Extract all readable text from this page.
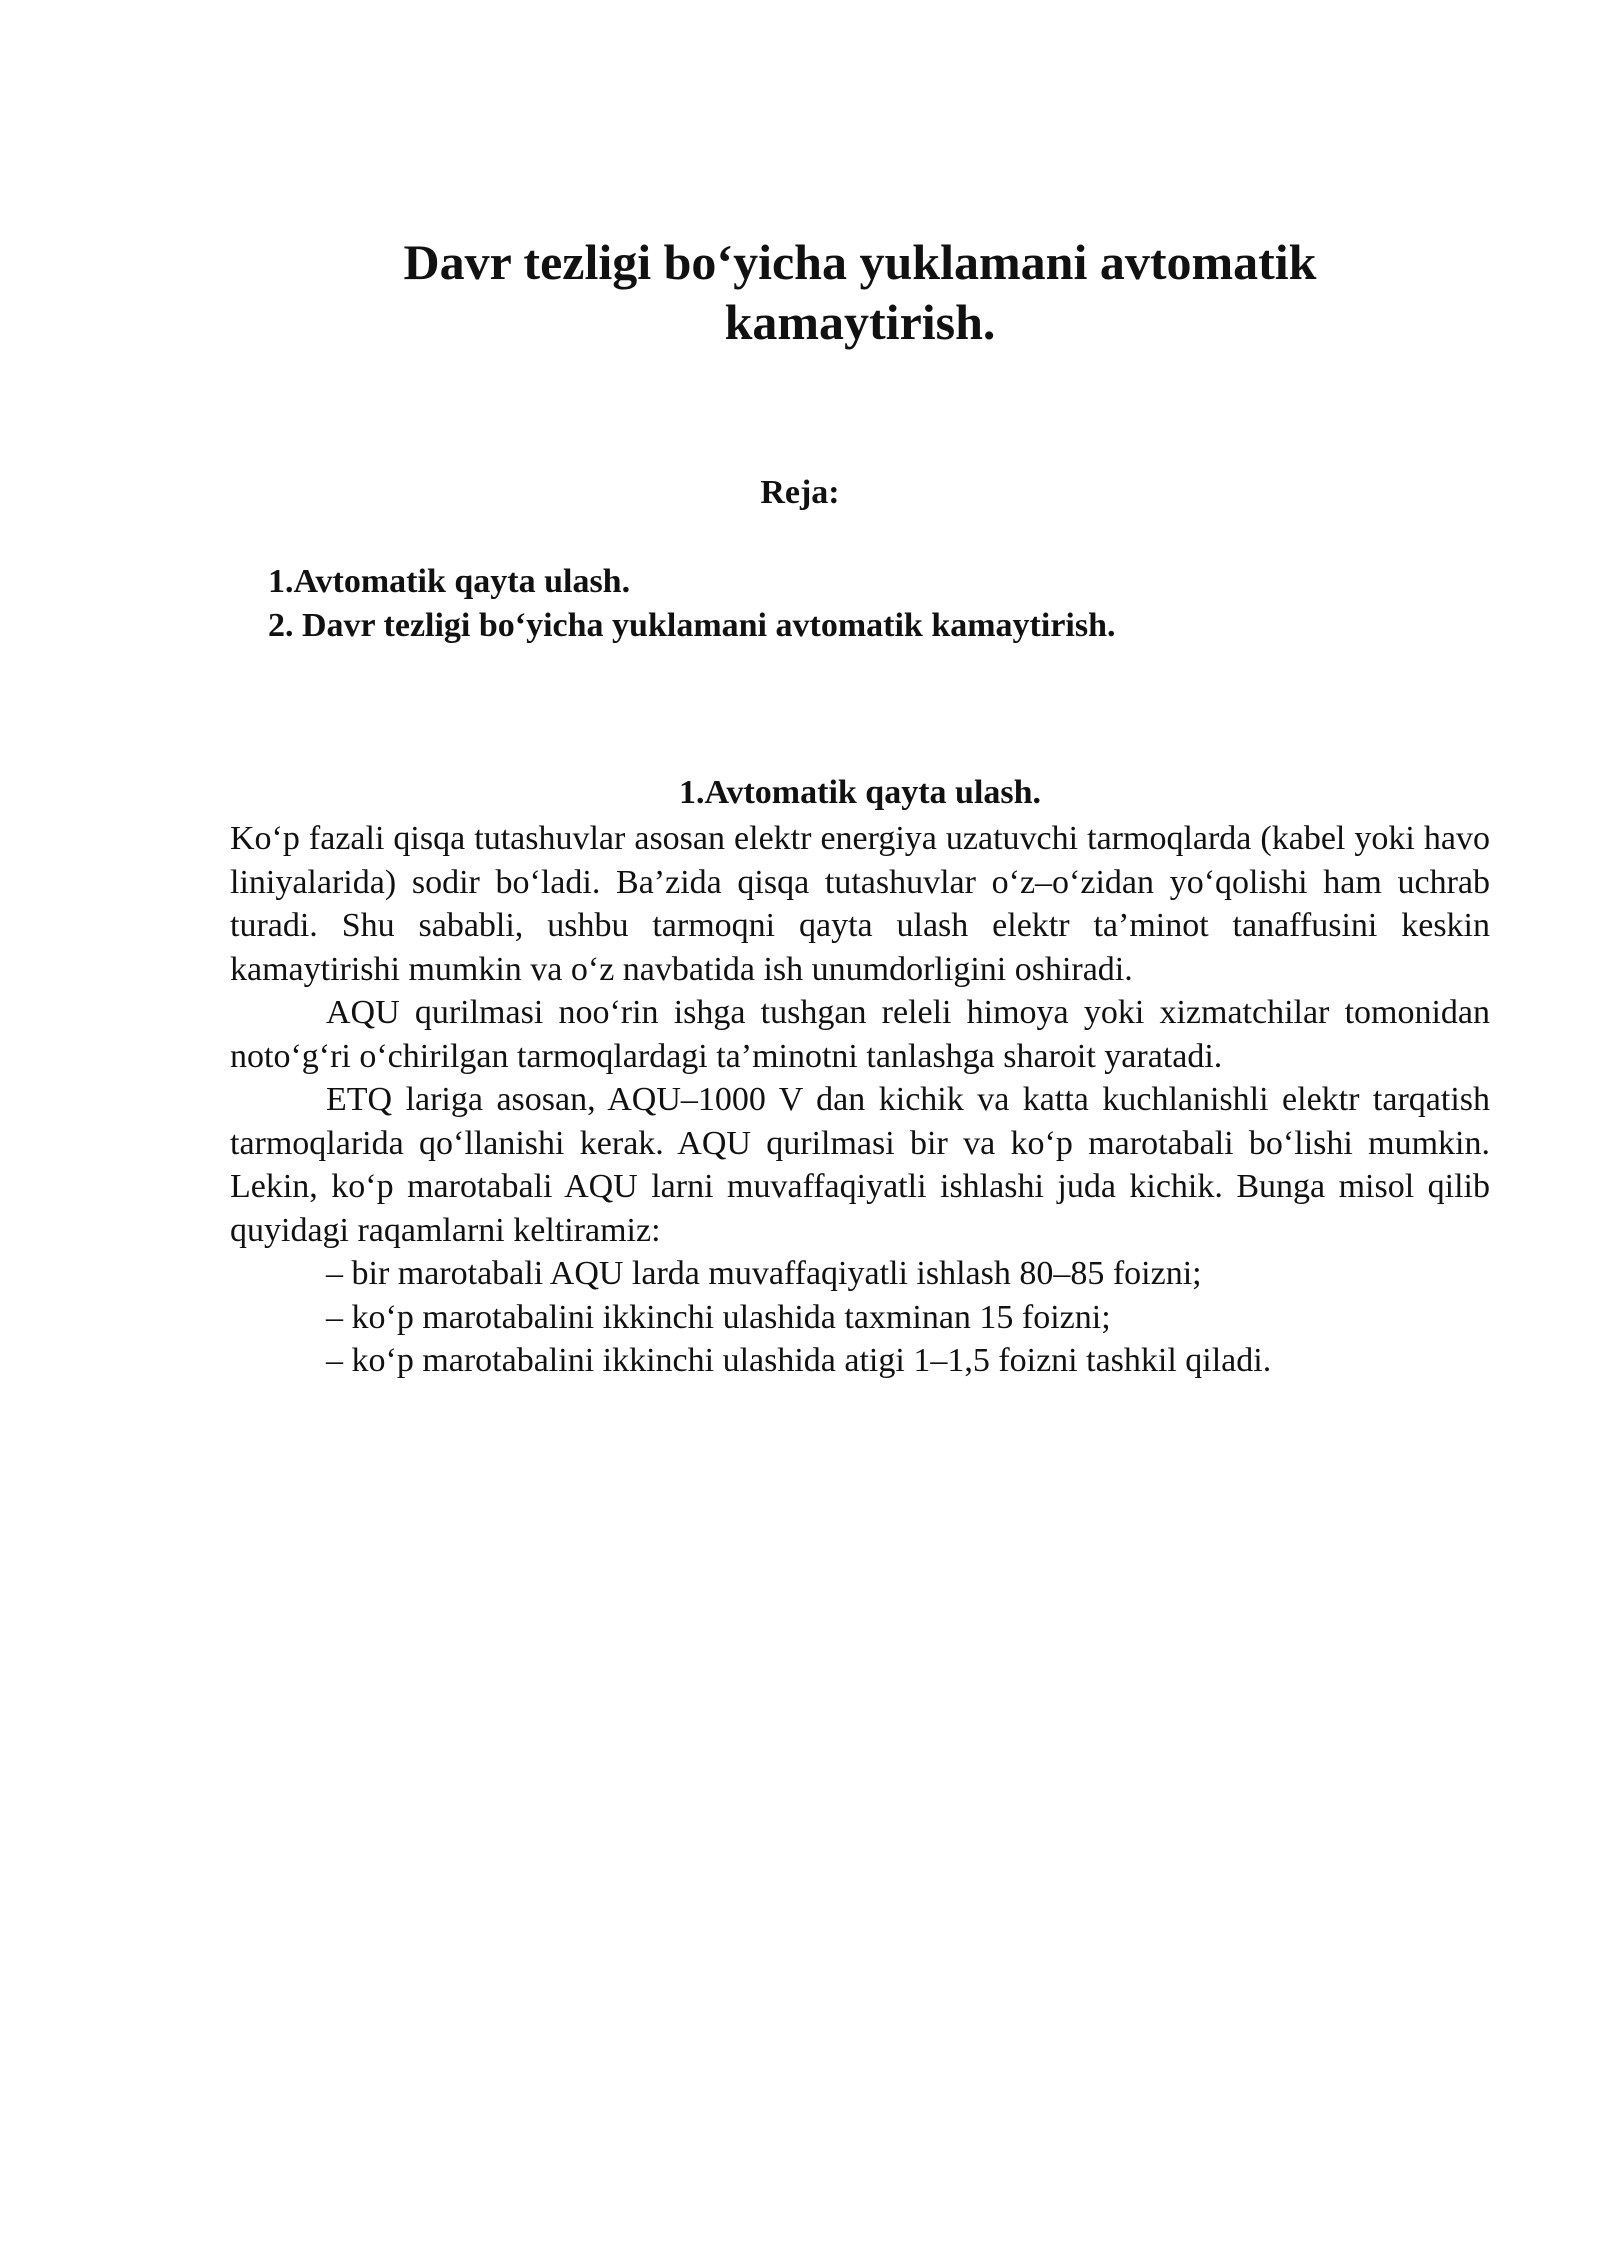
Davr tezligi bo‘yicha yuklamani avtomatik kamaytirish.
Reja:
1.Avtomatik qayta ulash.
2. Davr tezligi bo‘yicha yuklamani avtomatik kamaytirish.
1.Avtomatik qayta ulash.

Ko‘p fazali qisqa tutashuvlar asosan elektr energiya uzatuvchi tarmoqlarda (kabel yoki havo liniyalarida) sodir bo‘ladi. Ba’zida qisqa tutashuvlar o‘z–o‘zidan yo‘qolishi ham uchrab turadi. Shu sababli, ushbu tarmoqni qayta ulash elektr ta’minot tanaffusini keskin kamaytirishi mumkin va o‘z navbatida ish unumdorligini oshiradi.

AQU qurilmasi noo‘rin ishga tushgan releli himoya yoki xizmatchilar tomonidan noto‘g‘ri o‘chirilgan tarmoqlardagi ta’minotni tanlashga sharoit yaratadi.

ETQ lariga asosan, AQU–1000 V dan kichik va katta kuchlanishli elektr tarqatish tarmoqlarida qo‘llanishi kerak. AQU qurilmasi bir va ko‘p marotabali bo‘lishi mumkin. Lekin, ko‘p marotabali AQU larni muvaffaqiyatli ishlashi juda kichik. Bunga misol qilib quyidagi raqamlarni keltiramiz:

– bir marotabali AQU larda muvaffaqiyatli ishlash 80–85 foizni;

– ko‘p marotabalini ikkinchi ulashida taxminan 15 foizni;

– ko‘p marotabalini ikkinchi ulashida atigi 1–1,5 foizni tashkil qiladi.
